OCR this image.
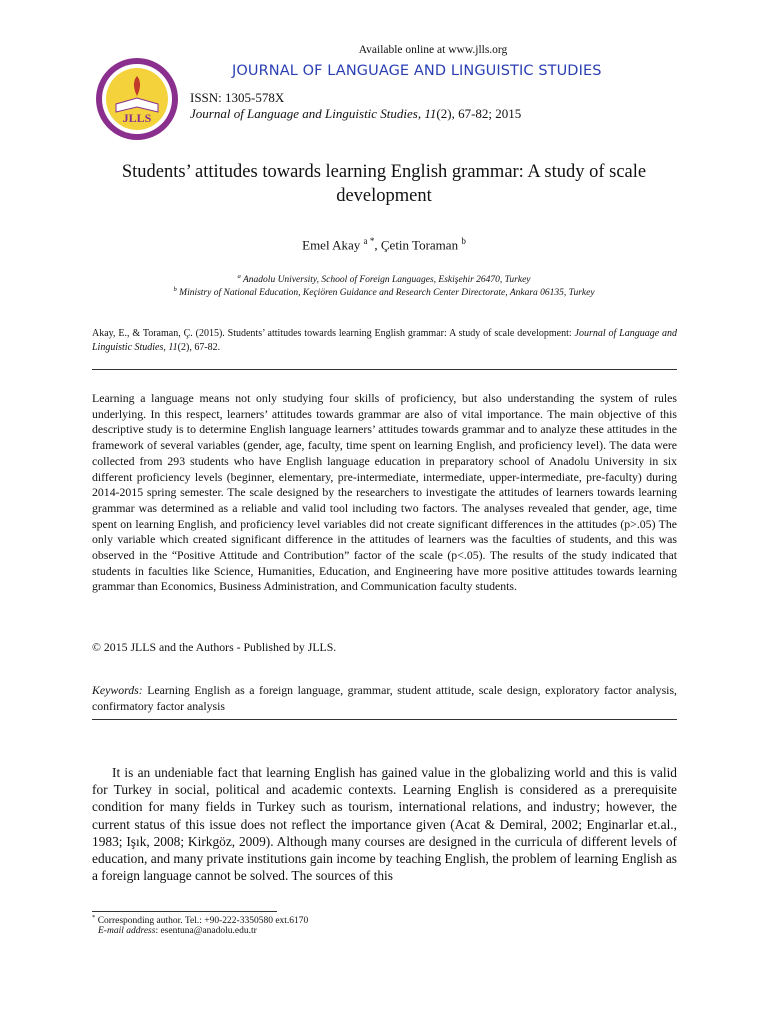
Available online at www.jlls.org
JLLS
JOURNAL OF LANGUAGE AND LINGUISTIC STUDIES
ISSN: 1305-578X
Journal of Language and Linguistic Studies, 11(2), 67-82; 2015
Students’ attitudes towards learning English grammar: A study of scale development
Emel Akay $^{a *}$, Çetin Toraman $^b$
$^a$ Anadolu University, School of Foreign Languages, Eskişehir 26470, Turkey
$^b$ Ministry of National Education, Keçiören Guidance and Research Center Directorate, Ankara 06135, Turkey
Akay, E., & Toraman, Ç. (2015). Students’ attitudes towards learning English grammar: A study of scale development: Journal of Language and Linguistic Studies, 11(2), 67-82.

Learning a language means not only studying four skills of proficiency, but also understanding the system of rules underlying. In this respect, learners’ attitudes towards grammar are also of vital importance. The main objective of this descriptive study is to determine English language learners’ attitudes towards grammar and to analyze these attitudes in the framework of several variables (gender, age, faculty, time spent on learning English, and proficiency level). The data were collected from 293 students who have English language education in preparatory school of Anadolu University in six different proficiency levels (beginner, elementary, pre-intermediate, intermediate, upper-intermediate, pre-faculty) during 2014-2015 spring semester. The scale designed by the researchers to investigate the attitudes of learners towards learning grammar was determined as a reliable and valid tool including two factors. The analyses revealed that gender, age, time spent on learning English, and proficiency level variables did not create significant differences in the attitudes (p>.05) The only variable which created significant difference in the attitudes of learners was the faculties of students, and this was observed in the “Positive Attitude and Contribution” factor of the scale (p<.05). The results of the study indicated that students in faculties like Science, Humanities, Education, and Engineering have more positive attitudes towards learning grammar than Economics, Business Administration, and Communication faculty students.

© 2015 JLLS and the Authors - Published by JLLS.
Keywords: Learning English as a foreign language, grammar, student attitude, scale design, exploratory factor analysis, confirmatory factor analysis

It is an undeniable fact that learning English has gained value in the globalizing world and this is valid for Turkey in social, political and academic contexts. Learning English is considered as a prerequisite condition for many fields in Turkey such as tourism, international relations, and industry; however, the current status of this issue does not reflect the importance given (Acat & Demiral, 2002; Enginarlar et.al., 1983; Işık, 2008; Kirkgöz, 2009). Although many courses are designed in the curricula of different levels of education, and many private institutions gain income by teaching English, the problem of learning English as a foreign language cannot be solved. The sources of this

* Corresponding author. Tel.: +90-222-3350580 ext.6170
E-mail address: esentuna@anadolu.edu.tr
